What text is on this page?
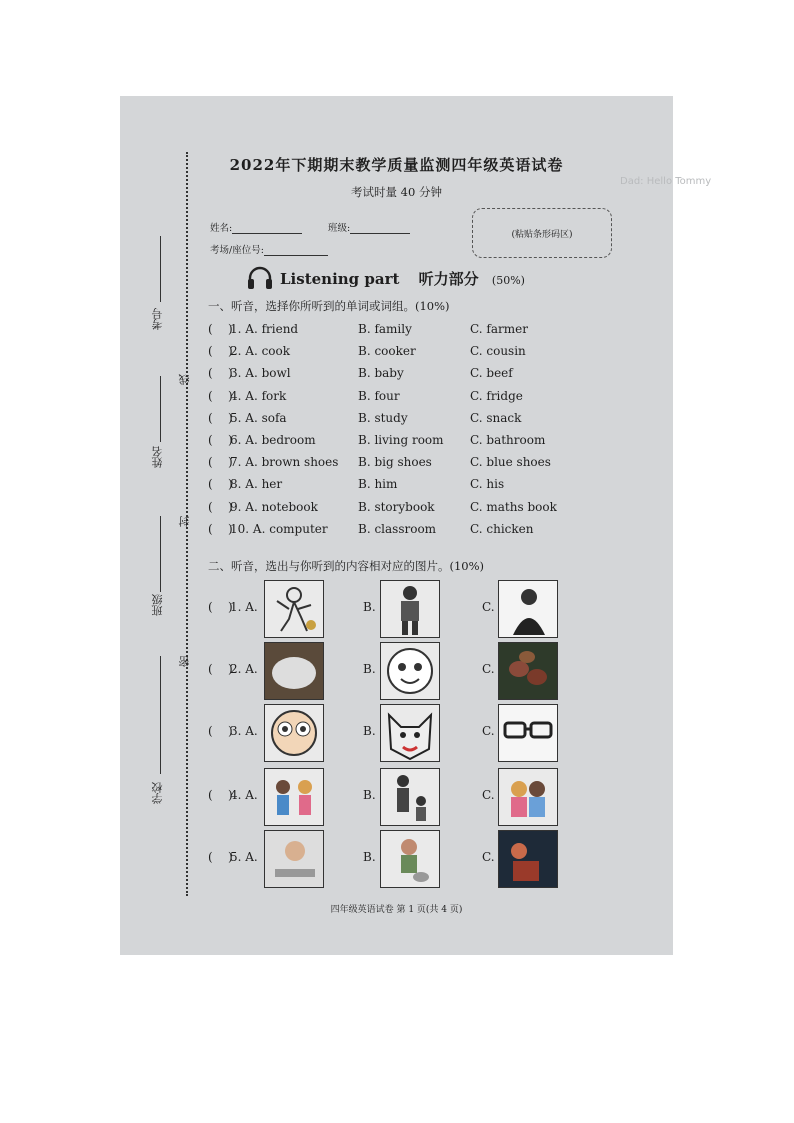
Dad: Hello Tommy
考号
线
姓名
封
班级
密
学校
2022年下期期末教学质量监测四年级英语试卷
考试时量 40 分钟
姓名:	班级:
考场/座位号:
(粘贴条形码区)
Listening part 听力部分 (50%)
一、听音，选择你所听到的单词或词组。(10%)
(    )
1. A. friend	B. family	C. farmer
(    )
2. A. cook	B. cooker	C. cousin
(    )
3. A. bowl	B. baby	C. beef
(    )
4. A. fork	B. four	C. fridge
(    )
5. A. sofa	B. study	C. snack
(    )
6. A. bedroom	B. living room C. bathroom
(    )
7. A. brown shoes B. big shoes	C. blue shoes
(    )
8. A. her	B. him	C. his
(    )
9. A. notebook	B. storybook	C. maths book
(    )
10. A. computer	B. classroom	C. chicken
二、听音，选出与你听到的内容相对应的图片。(10%)
(    )
1. A.	B.	C.
(    )
2. A.	B.	C.
(    )
3. A.	B.	C.
(    )
4. A.	B.	C.
(    )
5. A.	B.	C.
四年级英语试卷 第 1 页(共 4 页)
